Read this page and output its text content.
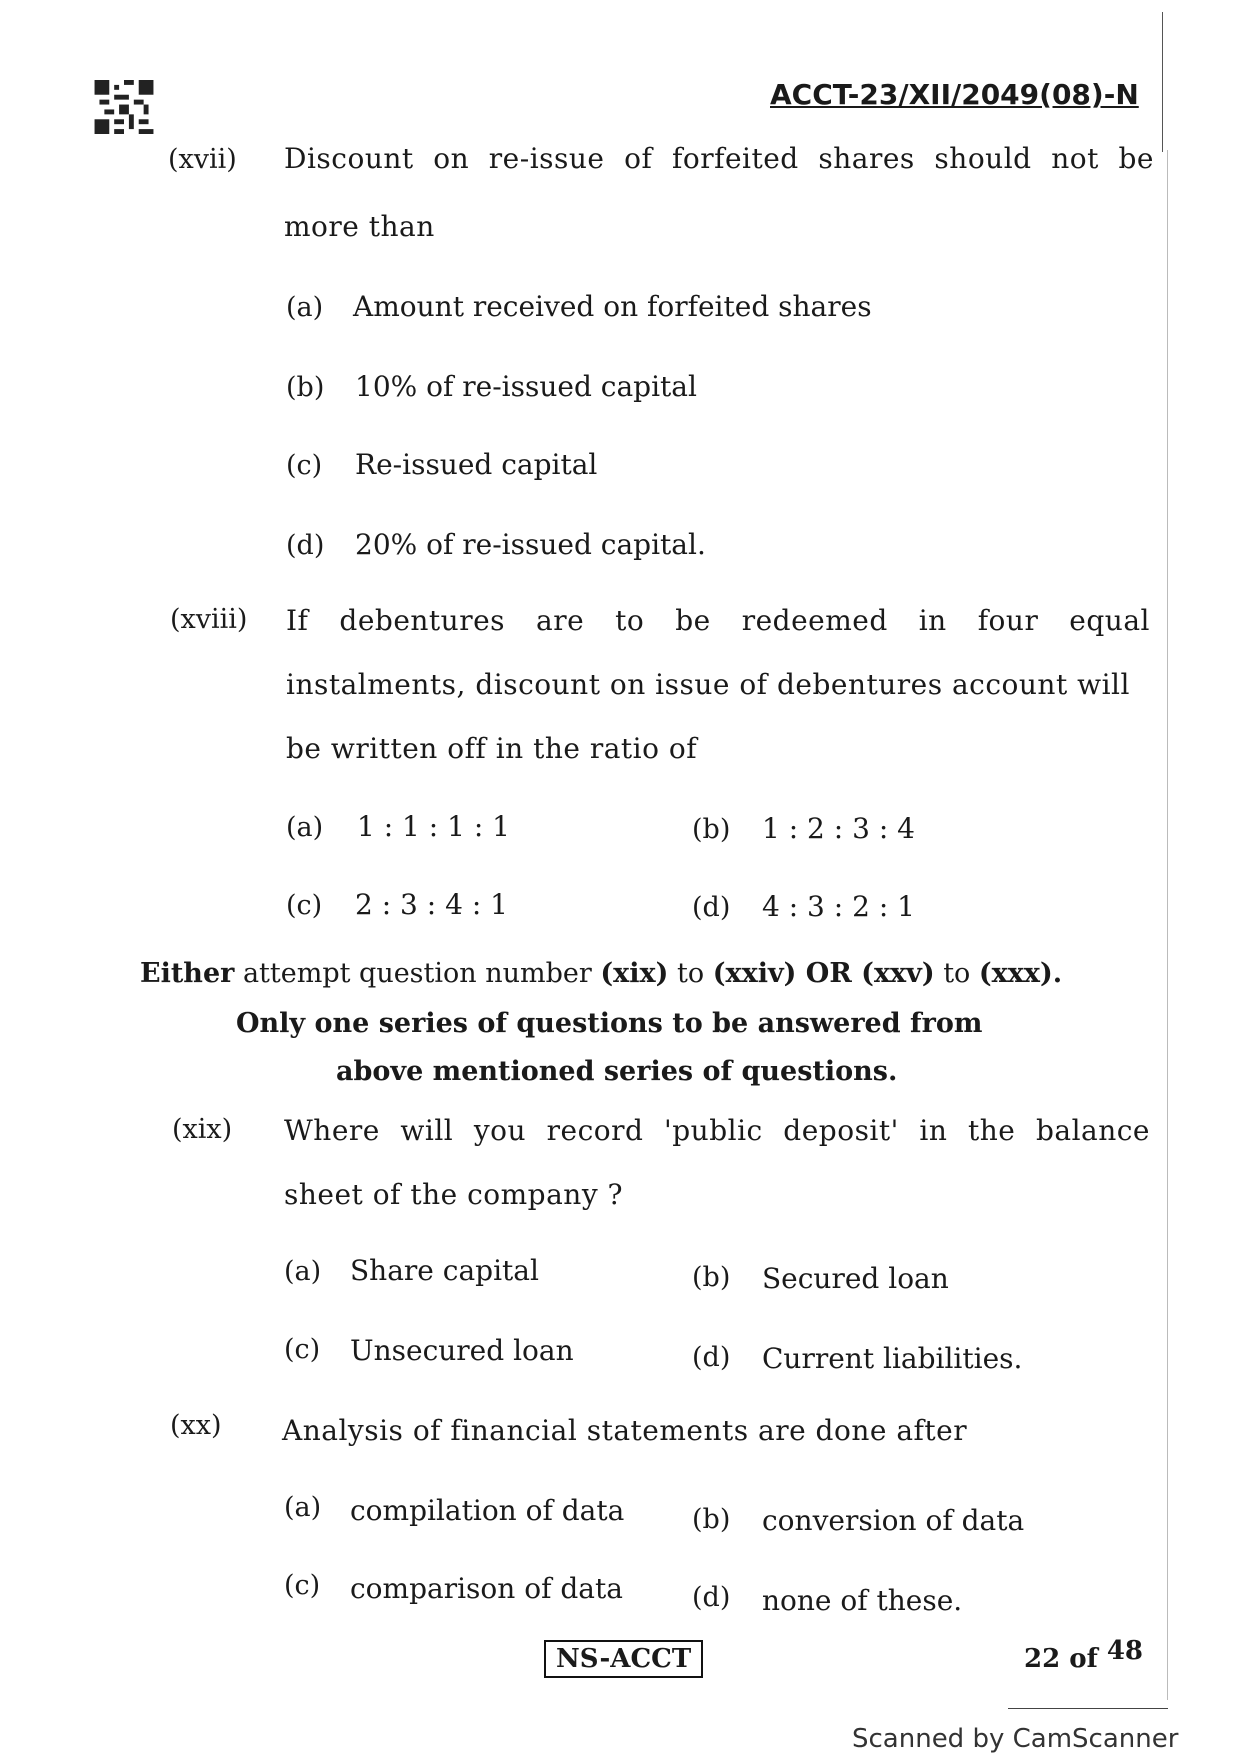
ACCT-23/XII/2049(08)-N
(xvii) Discount on re-issue of forfeited shares should not be
more than
(a) Amount received on forfeited shares
(b) 10% of re-issued capital
(c) Re-issued capital
(d) 20% of re-issued capital.
(xviii) If debentures are to be redeemed in four equal
instalments, discount on issue of debentures account will
be written off in the ratio of
(a) 1 : 1 : 1 : 1	(b) 1 : 2 : 3 : 4
(c) 2 : 3 : 4 : 1	(d) 4 : 3 : 2 : 1
Either attempt question number (xix) to (xxiv) OR (xxv) to (xxx).
Only one series of questions to be answered from
above mentioned series of questions.
(xix) Where will you record 'public deposit' in the balance
sheet of the company ?
(a) Share capital	(b) Secured loan
(c) Unsecured loan	(d) Current liabilities.
(xx) Analysis of financial statements are done after
(a) compilation of data	(b) conversion of data
(c) comparison of data	(d) none of these.
NS-ACCT	22 of 48
Scanned by CamScanner
